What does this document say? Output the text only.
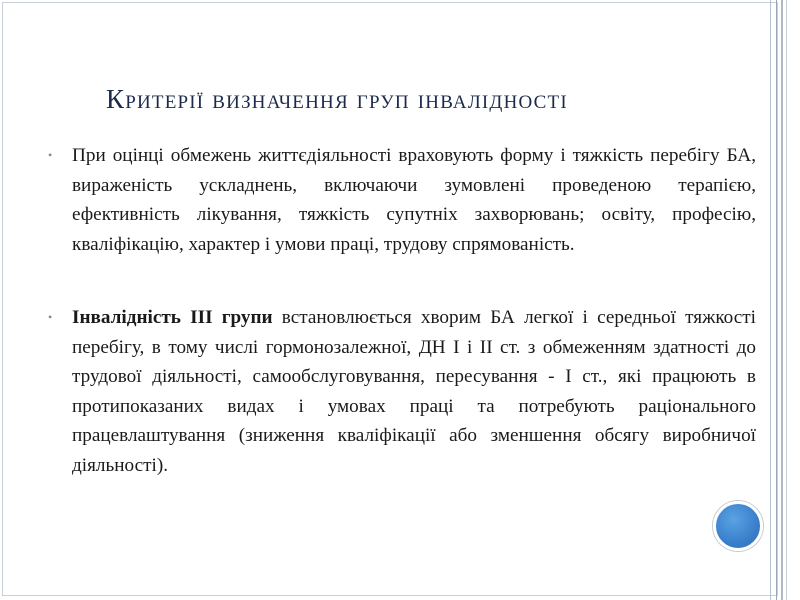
Критерії визначення груп інвалідності

• При оцінці обмежень життєдіяльності враховують форму і тяжкість перебігу БА, вираженість ускладнень, включаючи зумовлені проведеною терапією, ефективність лікування, тяжкість супутніх захворювань; освіту, професію, кваліфікацію, характер і умови праці, трудову спрямованість.

• Інвалідність ІІІ групи встановлюється хворим БА легкої і середньої тяжкості перебігу, в тому числі гормонозалежної, ДН І і ІІ ст. з обмеженням здатності до трудової діяльності, самообслуговування, пересування - І ст., які працюють в протипоказаних видах і умовах праці та потребують раціонального працевлаштування (зниження кваліфікації або зменшення обсягу виробничої діяльності).
